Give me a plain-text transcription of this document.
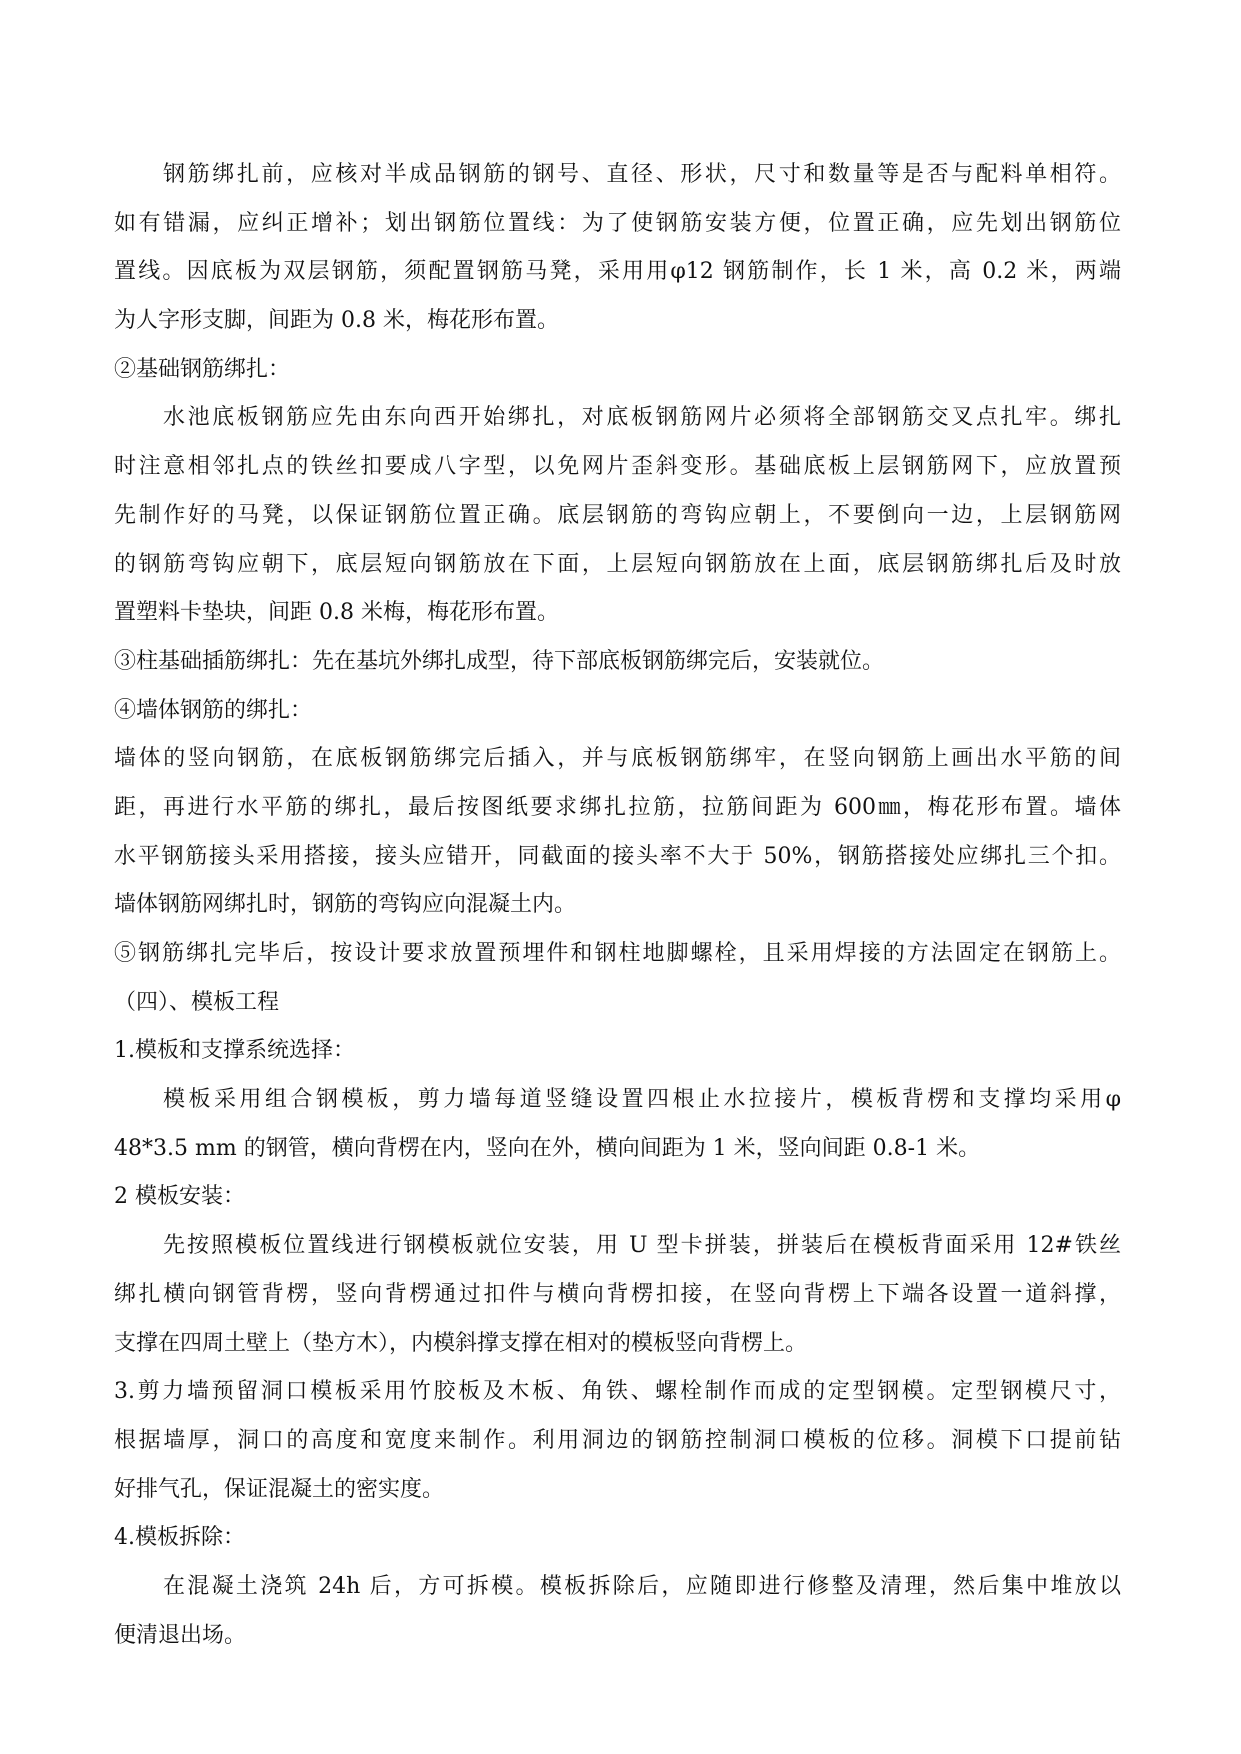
钢筋绑扎前，应核对半成品钢筋的钢号、直径、形状，尺寸和数量等是否与配料单相符。
如有错漏，应纠正增补；划出钢筋位置线：为了使钢筋安装方便，位置正确，应先划出钢筋位
置线。因底板为双层钢筋，须配置钢筋马凳，采用用φ12 钢筋制作，长 1 米，高 0.2 米，两端
为人字形支脚，间距为 0.8 米，梅花形布置。
②基础钢筋绑扎：
水池底板钢筋应先由东向西开始绑扎，对底板钢筋网片必须将全部钢筋交叉点扎牢。绑扎
时注意相邻扎点的铁丝扣要成八字型，以免网片歪斜变形。基础底板上层钢筋网下，应放置预
先制作好的马凳，以保证钢筋位置正确。底层钢筋的弯钩应朝上，不要倒向一边，上层钢筋网
的钢筋弯钩应朝下，底层短向钢筋放在下面，上层短向钢筋放在上面，底层钢筋绑扎后及时放
置塑料卡垫块，间距 0.8 米梅，梅花形布置。
③柱基础插筋绑扎：先在基坑外绑扎成型，待下部底板钢筋绑完后，安装就位。
④墙体钢筋的绑扎：
墙体的竖向钢筋，在底板钢筋绑完后插入，并与底板钢筋绑牢，在竖向钢筋上画出水平筋的间
距，再进行水平筋的绑扎，最后按图纸要求绑扎拉筋，拉筋间距为 600㎜，梅花形布置。墙体
水平钢筋接头采用搭接，接头应错开，同截面的接头率不大于 50%，钢筋搭接处应绑扎三个扣。
墙体钢筋网绑扎时，钢筋的弯钩应向混凝土内。
⑤钢筋绑扎完毕后，按设计要求放置预埋件和钢柱地脚螺栓，且采用焊接的方法固定在钢筋上。
（四）、模板工程
1.模板和支撑系统选择：
模板采用组合钢模板，剪力墙每道竖缝设置四根止水拉接片，模板背楞和支撑均采用φ
48*3.5 mm 的钢管，横向背楞在内，竖向在外，横向间距为 1 米，竖向间距 0.8-1 米。
2 模板安装：
先按照模板位置线进行钢模板就位安装，用 U 型卡拼装，拼装后在模板背面采用 12#铁丝
绑扎横向钢管背楞，竖向背楞通过扣件与横向背楞扣接，在竖向背楞上下端各设置一道斜撑，
支撑在四周土壁上（垫方木），内模斜撑支撑在相对的模板竖向背楞上。
3.剪力墙预留洞口模板采用竹胶板及木板、角铁、螺栓制作而成的定型钢模。定型钢模尺寸，
根据墙厚，洞口的高度和宽度来制作。利用洞边的钢筋控制洞口模板的位移。洞模下口提前钻
好排气孔，保证混凝土的密实度。
4.模板拆除：
在混凝土浇筑 24h 后，方可拆模。模板拆除后，应随即进行修整及清理，然后集中堆放以
便清退出场。
